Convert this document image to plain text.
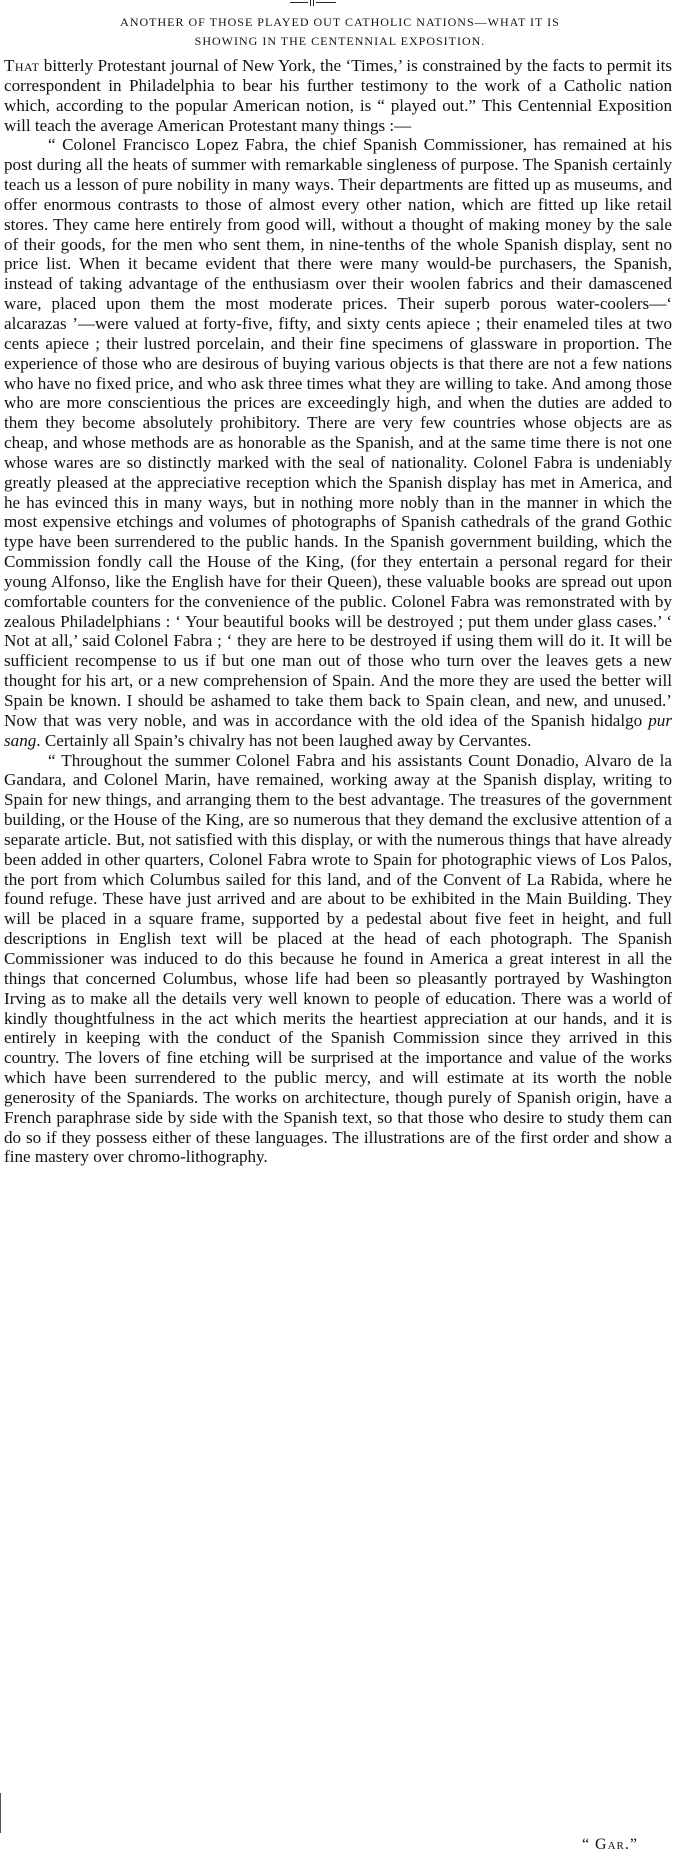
ANOTHER OF THOSE PLAYED OUT CATHOLIC NATIONS—WHAT IT IS
SHOWING IN THE CENTENNIAL EXPOSITION.

That bitterly Protestant journal of New York, the ‘Times,’ is constrained by the facts to permit its correspondent in Philadelphia to bear his further testimony to the work of a Catholic nation which, according to the popular American notion, is “ played out.” This Centennial Exposition will teach the average American Protestant many things :—

“ Colonel Francisco Lopez Fabra, the chief Spanish Commissioner, has remained at his post during all the heats of summer with remarkable singleness of purpose. The Spanish certainly teach us a lesson of pure nobility in many ways. Their departments are fitted up as museums, and offer enormous contrasts to those of almost every other nation, which are fitted up like retail stores. They came here entirely from good will, without a thought of making money by the sale of their goods, for the men who sent them, in nine-tenths of the whole Spanish display, sent no price list. When it became evident that there were many would-be purchasers, the Spanish, instead of taking advantage of the enthusiasm over their woolen fabrics and their damascened ware, placed upon them the most moderate prices. Their superb porous water-coolers—‘ alcarazas ’—were valued at forty-five, fifty, and sixty cents apiece ; their enameled tiles at two cents apiece ; their lustred porcelain, and their fine specimens of glassware in proportion. The experience of those who are desirous of buying various objects is that there are not a few nations who have no fixed price, and who ask three times what they are willing to take. And among those who are more conscientious the prices are exceedingly high, and when the duties are added to them they become absolutely prohibitory. There are very few countries whose objects are as cheap, and whose methods are as honorable as the Spanish, and at the same time there is not one whose wares are so distinctly marked with the seal of nationality. Colonel Fabra is undeniably greatly pleased at the appreciative reception which the Spanish display has met in America, and he has evinced this in many ways, but in nothing more nobly than in the manner in which the most expensive etchings and volumes of photographs of Spanish cathedrals of the grand Gothic type have been surrendered to the public hands. In the Spanish government building, which the Commission fondly call the House of the King, (for they entertain a personal regard for their young Alfonso, like the English have for their Queen), these valuable books are spread out upon comfortable counters for the convenience of the public. Colonel Fabra was remonstrated with by zealous Philadelphians : ‘ Your beautiful books will be destroyed ; put them under glass cases.’ ‘ Not at all,’ said Colonel Fabra ; ‘ they are here to be destroyed if using them will do it. It will be sufficient recompense to us if but one man out of those who turn over the leaves gets a new thought for his art, or a new comprehension of Spain. And the more they are used the better will Spain be known. I should be ashamed to take them back to Spain clean, and new, and unused.’ Now that was very noble, and was in accordance with the old idea of the Spanish hidalgo pur sang. Certainly all Spain’s chivalry has not been laughed away by Cervantes.

“ Throughout the summer Colonel Fabra and his assistants Count Donadio, Alvaro de la Gandara, and Colonel Marin, have remained, working away at the Spanish display, writing to Spain for new things, and arranging them to the best advantage. The treasures of the government building, or the House of the King, are so numerous that they demand the exclusive attention of a separate article. But, not satisfied with this display, or with the numerous things that have already been added in other quarters, Colonel Fabra wrote to Spain for photographic views of Los Palos, the port from which Columbus sailed for this land, and of the Convent of La Rabida, where he found refuge. These have just arrived and are about to be exhibited in the Main Building. They will be placed in a square frame, supported by a pedestal about five feet in height, and full descriptions in English text will be placed at the head of each photograph. The Spanish Commissioner was induced to do this because he found in America a great interest in all the things that concerned Columbus, whose life had been so pleasantly portrayed by Washington Irving as to make all the details very well known to people of education. There was a world of kindly thoughtfulness in the act which merits the heartiest appreciation at our hands, and it is entirely in keeping with the conduct of the Spanish Commission since they arrived in this country. The lovers of fine etching will be surprised at the importance and value of the works which have been surrendered to the public mercy, and will estimate at its worth the noble generosity of the Spaniards. The works on architecture, though purely of Spanish origin, have a French paraphrase side by side with the Spanish text, so that those who desire to study them can do so if they possess either of these languages. The illustrations are of the first order and show a fine mastery over chromo-lithography.

“ Gar.”
